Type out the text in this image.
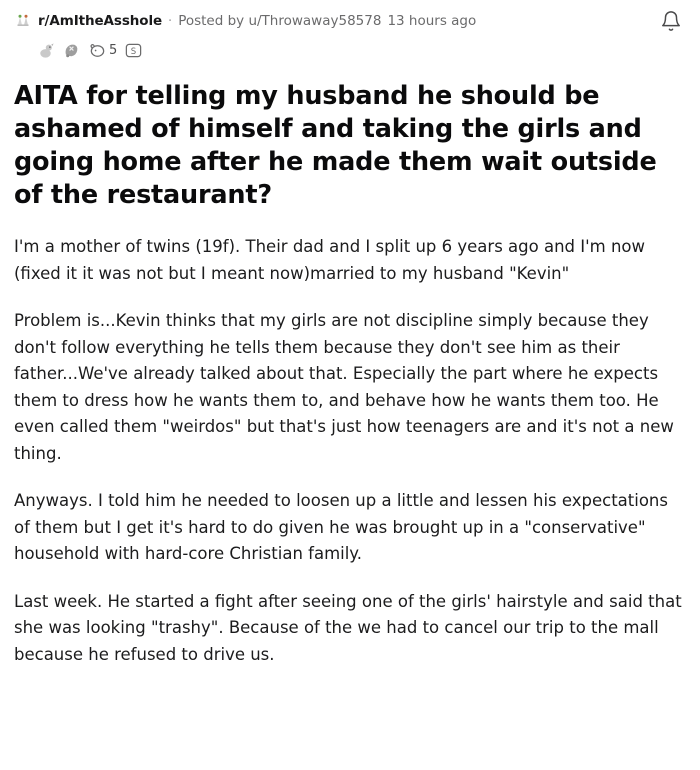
r/AmItheAsshole · Posted by u/Throwaway58578 13 hours ago
5 S
AITA for telling my husband he should be ashamed of himself and taking the girls and going home after he made them wait outside of the restaurant?

I'm a mother of twins (19f). Their dad and I split up 6 years ago and I'm now (fixed it it was not but I meant now)married to my husband "Kevin"

Problem is...Kevin thinks that my girls are not discipline simply because they don't follow everything he tells them because they don't see him as their father...We've already talked about that. Especially the part where he expects them to dress how he wants them to, and behave how he wants them too. He even called them "weirdos" but that's just how teenagers are and it's not a new thing.

Anyways. I told him he needed to loosen up a little and lessen his expectations of them but I get it's hard to do given he was brought up in a "conservative" household with hard-core Christian family.

Last week. He started a fight after seeing one of the girls' hairstyle and said that she was looking "trashy". Because of the we had to cancel our trip to the mall because he refused to drive us.
